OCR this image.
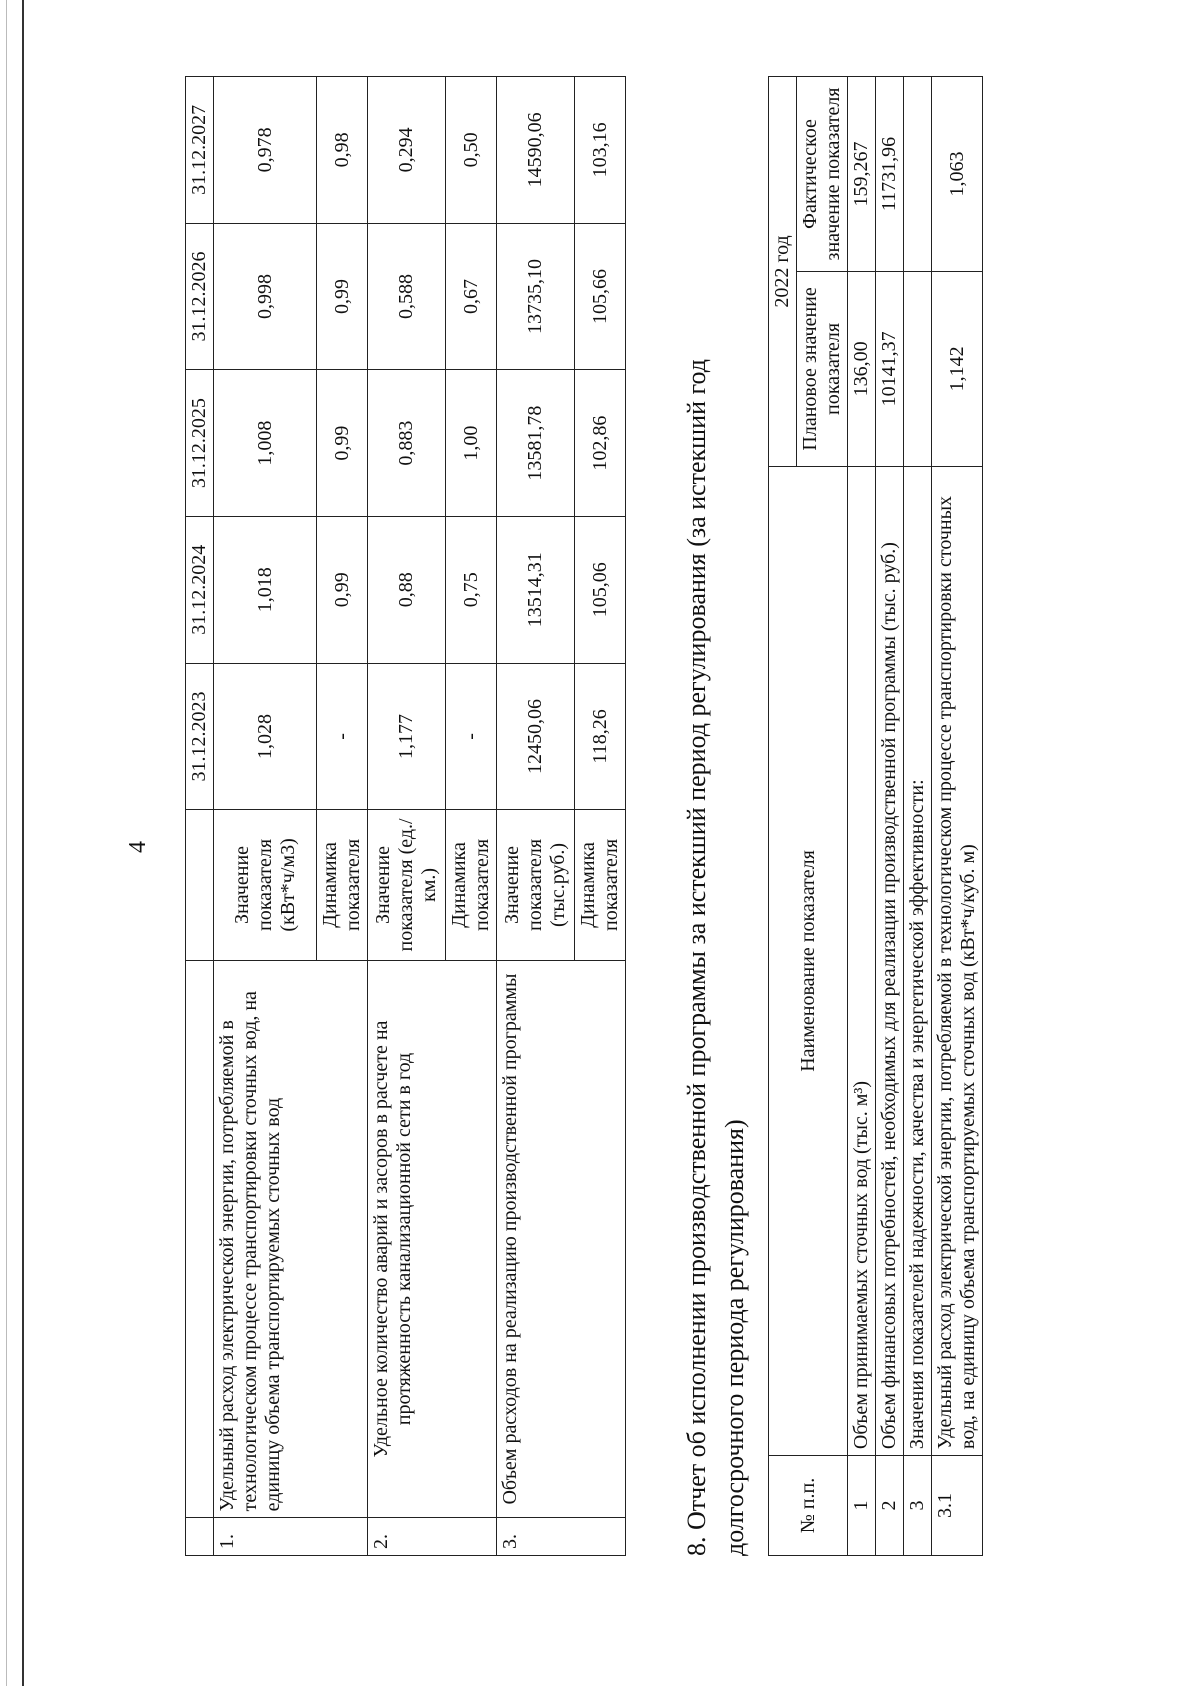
4
			31.12.2023	31.12.2024	31.12.2025	31.12.2026	31.12.2027
1.	Удельный расход электрической энергии, потребляемой в технологическом процессе транспортировки сточных вод, на единицу объема транспортируемых сточных вод	Значение показателя (кВт*ч/м3)	1,028	1,018	1,008	0,998	0,978
		Динамика показателя	-	0,99	0,99	0,99	0,98
2.	Удельное количество аварий и засоров в расчете на протяженность канализационной сети в год	Значение показателя (ед./км.)	1,177	0,88	0,883	0,588	0,294
		Динамика показателя	-	0,75	1,00	0,67	0,50
3.	Объем расходов на реализацию производственной программы	Значение показателя (тыс.руб.)	12450,06	13514,31	13581,78	13735,10	14590,06
		Динамика показателя	118,26	105,06	102,86	105,66	103,16
8. Отчет об исполнении производственной программы за истекший период регулирования (за истекший год долгосрочного периода регулирования) № п.п.	Наименование показателя	2022 год	
		Плановое значение показателя	Фактическое значение показателя
1	Объем принимаемых сточных вод (тыс. м³)	136,00	159,267
2	Объем финансовых потребностей, необходимых для реализации производственной программы (тыс. руб.)	10141,37	11731,96
3	Значения показателей надежности, качества и энергетической эффективности:		
3.1	Удельный расход электрической энергии, потребляемой в технологическом процессе транспортировки сточных вод, на единицу объема транспортируемых сточных вод (кВт*ч/куб. м)	1,142	1,063
